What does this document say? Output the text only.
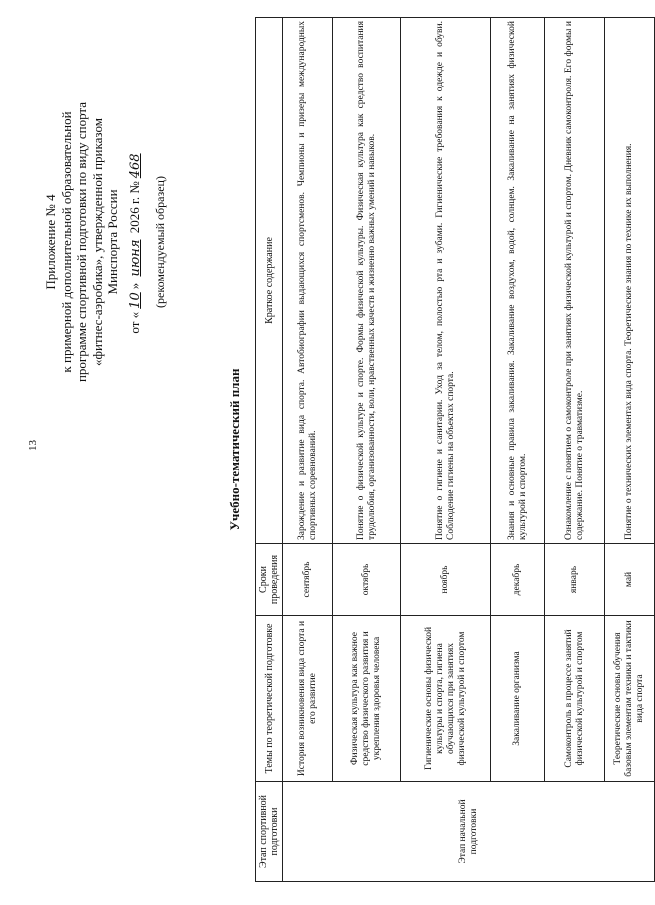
13
Приложение № 4 к примерной дополнительной образовательной программе спортивной подготовки по виду спорта «фитнес-аэробика», утвержденной приказом Минспорта России
от «10» июня 2026 г. №468
(рекомендуемый образец)
Учебно-тематический план
Этап спортивной подготовки	Темы по теоретической подготовке	Сроки проведения	Краткое содержание
Этап начальной подготовки	История возникновения вида спорта и его развитие	сентябрь	Зарождение и развитие вида спорта. Автобиографии выдающихся спортсменов. Чемпионы и призеры международных спортивных соревнований.
	Физическая культура как важное средство физического развития и укрепления здоровья человека	октябрь	Понятие о физической культуре и спорте. Формы физической культуры. Физическая культура как средство воспитания трудолюбия, организованности, воли, нравственных качеств и жизненно важных умений и навыков.
	Гигиенические основы физической культуры и спорта, гигиена обучающихся при занятиях физической культурой и спортом	ноябрь	Понятие о гигиене и санитарии. Уход за телом, полостью рта и зубами. Гигиенические требования к одежде и обуви. Соблюдение гигиены на объектах спорта.
	Закаливание организма	декабрь	Знания и основные правила закаливания. Закаливание воздухом, водой, солнцем. Закаливание на занятиях физической культурой и спортом.
	Самоконтроль в процессе занятий физической культурой и спортом	январь	Ознакомление с понятием о самоконтроле при занятиях физической культурой и спортом. Дневник самоконтроля. Его формы и содержание. Понятие о травматизме.
	Теоретические основы обучения базовым элементам техники и тактики вида спорта	май	Понятие о технических элементах вида спорта. Теоретические знания по технике их выполнения.
